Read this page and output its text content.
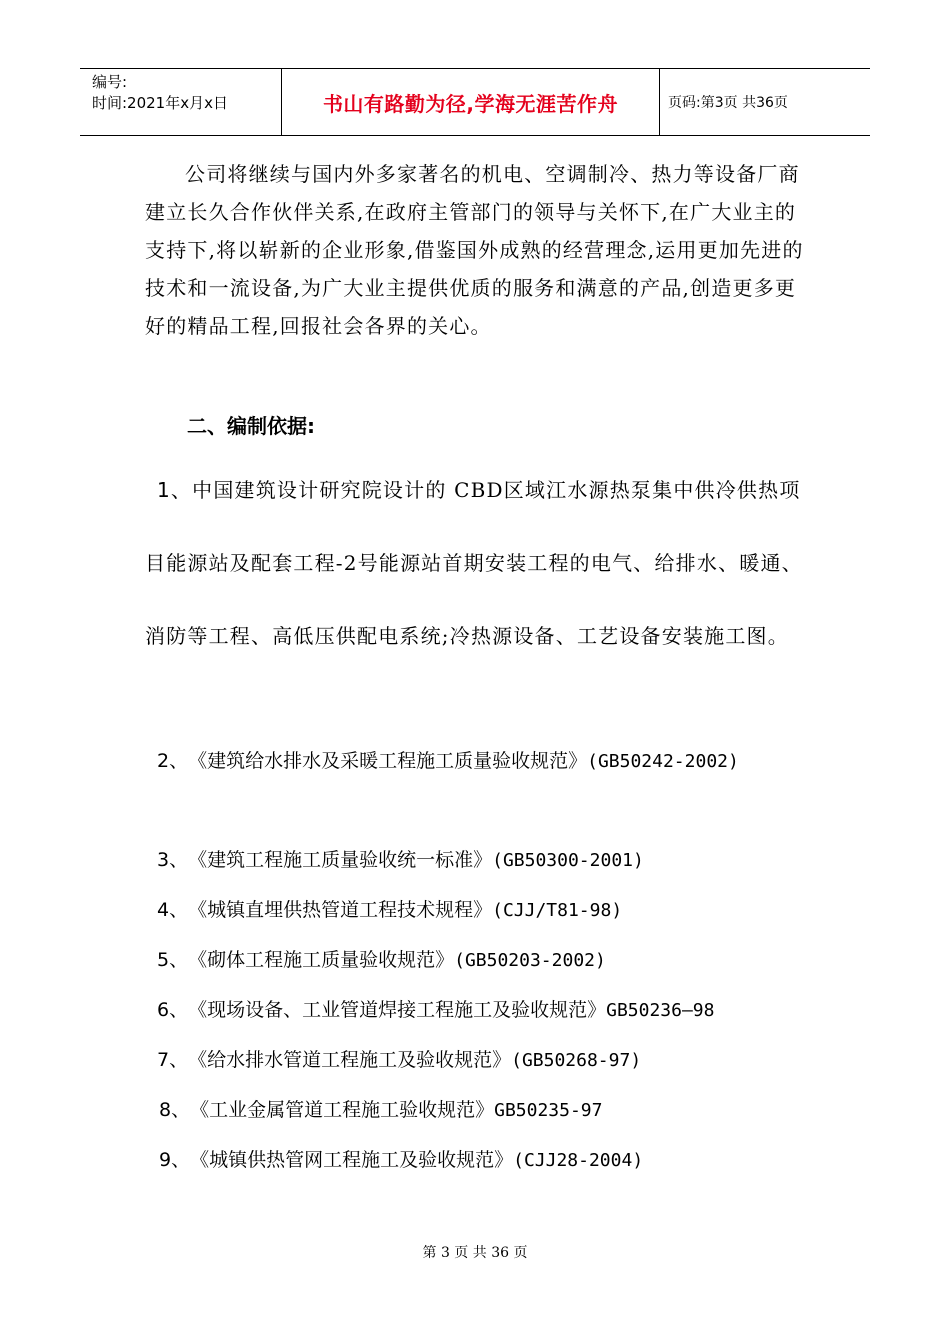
编号:
时间:2021年x月x日	书山有路勤为径,学海无涯苦作舟	页码:第3页 共36页

公司将继续与国内外多家著名的机电、空调制冷、热力等设备厂商建立长久合作伙伴关系,在政府主管部门的领导与关怀下,在广大业主的支持下,将以崭新的企业形象,借鉴国外成熟的经营理念,运用更加先进的技术和一流设备,为广大业主提供优质的服务和满意的产品,创造更多更好的精品工程,回报社会各界的关心。

二、编制依据:

1、中国建筑设计研究院设计的 CBD区域江水源热泵集中供冷供热项目能源站及配套工程-2号能源站首期安装工程的电气、给排水、暖通、消防等工程、高低压供配电系统;冷热源设备、工艺设备安装施工图。

2、《建筑给水排水及采暖工程施工质量验收规范》(GB50242-2002)

3、《建筑工程施工质量验收统一标准》(GB50300-2001)

4、《城镇直埋供热管道工程技术规程》(CJJ/T81-98)

5、《砌体工程施工质量验收规范》(GB50203-2002)

6、《现场设备、工业管道焊接工程施工及验收规范》GB50236—98

7、《给水排水管道工程施工及验收规范》(GB50268-97)

8、《工业金属管道工程施工验收规范》GB50235-97

9、《城镇供热管网工程施工及验收规范》(CJJ28-2004)

第 3 页 共 36 页
